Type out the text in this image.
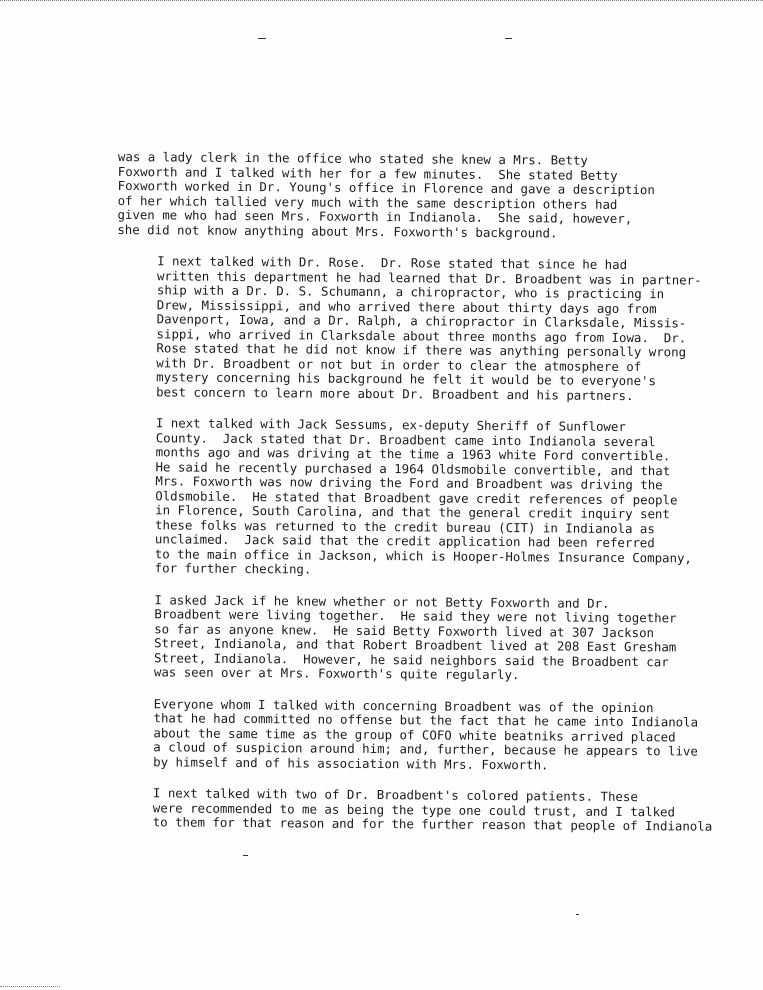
was a lady clerk in the office who stated she knew a Mrs. Betty
Foxworth and I talked with her for a few minutes.  She stated Betty
Foxworth worked in Dr. Young's office in Florence and gave a description
of her which tallied very much with the same description others had
given me who had seen Mrs. Foxworth in Indianola.  She said, however,
she did not know anything about Mrs. Foxworth's background.
I next talked with Dr. Rose.  Dr. Rose stated that since he had
written this department he had learned that Dr. Broadbent was in partner-
ship with a Dr. D. S. Schumann, a chiropractor, who is practicing in
Drew, Mississippi, and who arrived there about thirty days ago from
Davenport, Iowa, and a Dr. Ralph, a chiropractor in Clarksdale, Missis-
sippi, who arrived in Clarksdale about three months ago from Iowa.  Dr.
Rose stated that he did not know if there was anything personally wrong
with Dr. Broadbent or not but in order to clear the atmosphere of
mystery concerning his background he felt it would be to everyone's
best concern to learn more about Dr. Broadbent and his partners.
I next talked with Jack Sessums, ex-deputy Sheriff of Sunflower
County.  Jack stated that Dr. Broadbent came into Indianola several
months ago and was driving at the time a 1963 white Ford convertible.
He said he recently purchased a 1964 Oldsmobile convertible, and that
Mrs. Foxworth was now driving the Ford and Broadbent was driving the
Oldsmobile.  He stated that Broadbent gave credit references of people
in Florence, South Carolina, and that the general credit inquiry sent
these folks was returned to the credit bureau (CIT) in Indianola as
unclaimed.  Jack said that the credit application had been referred
to the main office in Jackson, which is Hooper-Holmes Insurance Company,
for further checking.
I asked Jack if he knew whether or not Betty Foxworth and Dr.
Broadbent were living together.  He said they were not living together
so far as anyone knew.  He said Betty Foxworth lived at 307 Jackson
Street, Indianola, and that Robert Broadbent lived at 208 East Gresham
Street, Indianola.  However, he said neighbors said the Broadbent car
was seen over at Mrs. Foxworth's quite regularly.
Everyone whom I talked with concerning Broadbent was of the opinion
that he had committed no offense but the fact that he came into Indianola
about the same time as the group of COFO white beatniks arrived placed
a cloud of suspicion around him; and, further, because he appears to live
by himself and of his association with Mrs. Foxworth.
I next talked with two of Dr. Broadbent's colored patients. These
were recommended to me as being the type one could trust, and I talked
to them for that reason and for the further reason that people of Indianola
